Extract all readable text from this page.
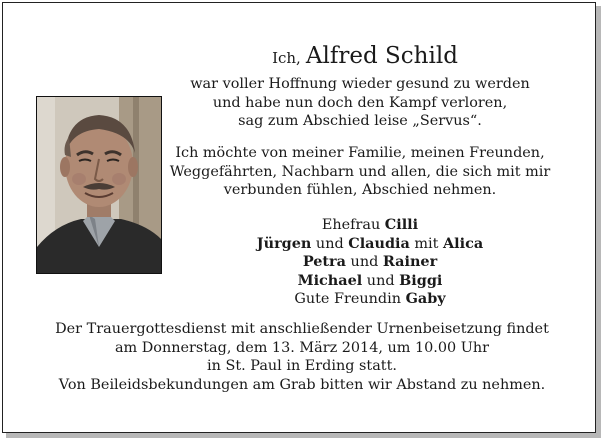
Ich, Alfred Schild
war voller Hoffnung wieder gesund zu werden
und habe nun doch den Kampf verloren,
sag zum Abschied leise „Servus“.
Ich möchte von meiner Familie, meinen Freunden,
Weggefährten, Nachbarn und allen, die sich mit mir
verbunden fühlen, Abschied nehmen.
Ehefrau Cilli
Jürgen und Claudia mit Alica
Petra und Rainer
Michael und Biggi
Gute Freundin Gaby
Der Trauergottesdienst mit anschließender Urnenbeisetzung findet
am Donnerstag, dem 13. März 2014, um 10.00 Uhr
in St. Paul in Erding statt.
Von Beileidsbekundungen am Grab bitten wir Abstand zu nehmen.
